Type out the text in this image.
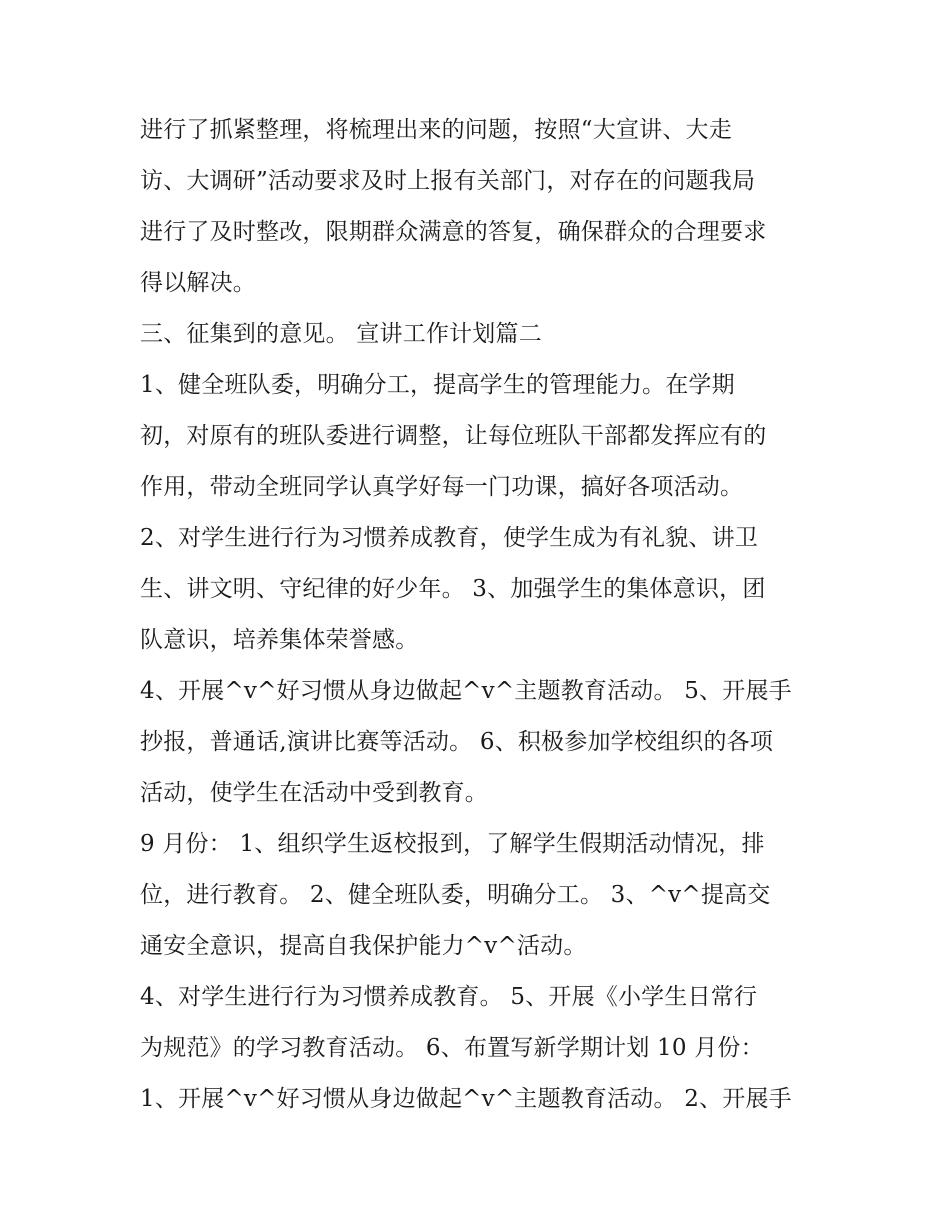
进行了抓紧整理，将梳理出来的问题，按照“大宣讲、大走
访、大调研”活动要求及时上报有关部门，对存在的问题我局
进行了及时整改，限期群众满意的答复，确保群众的合理要求
得以解决。
三、征集到的意见。 宣讲工作计划篇二
1、健全班队委，明确分工，提高学生的管理能力。在学期
初，对原有的班队委进行调整，让每位班队干部都发挥应有的
作用，带动全班同学认真学好每一门功课，搞好各项活动。
2、对学生进行行为习惯养成教育，使学生成为有礼貌、讲卫
生、讲文明、守纪律的好少年。 3、加强学生的集体意识，团
队意识，培养集体荣誉感。
4、开展^v^好习惯从身边做起^v^主题教育活动。 5、开展手
抄报，普通话,演讲比赛等活动。 6、积极参加学校组织的各项
活动，使学生在活动中受到教育。
9 月份： 1、组织学生返校报到，了解学生假期活动情况，排
位，进行教育。 2、健全班队委，明确分工。 3、^v^提高交
通安全意识，提高自我保护能力^v^活动。
4、对学生进行行为习惯养成教育。 5、开展《小学生日常行
为规范》的学习教育活动。 6、布置写新学期计划 10 月份：
1、开展^v^好习惯从身边做起^v^主题教育活动。 2、开展手
